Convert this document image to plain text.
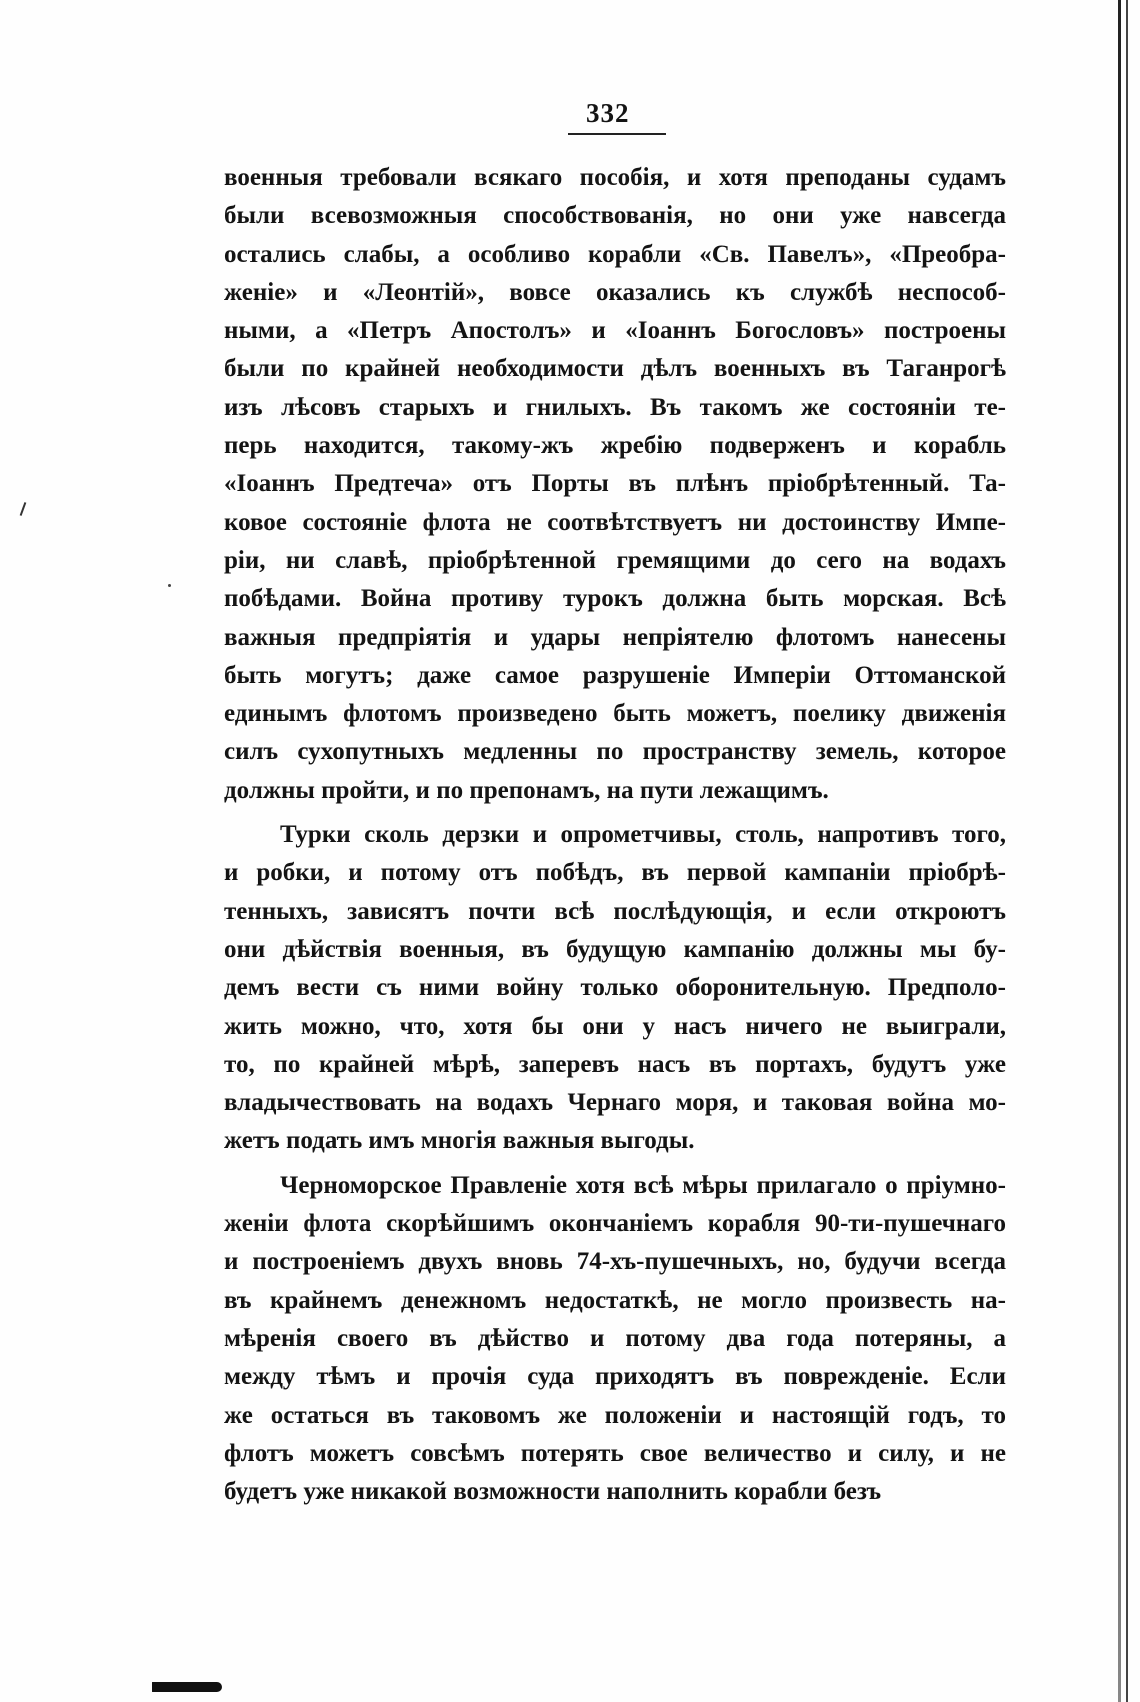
332
военныя требовали всякаго пособія, и хотя преподаны судамъ
были всевозможныя способствованія, но они уже навсегда
остались слабы, а особливо корабли «Св. Павелъ», «Преобра-
женіе» и «Леонтій», вовсе оказались къ службѣ неспособ-
ными, а «Петръ Апостолъ» и «Іоаннъ Богословъ» построены
были по крайней необходимости дѣлъ военныхъ въ Таганрогѣ
изъ лѣсовъ старыхъ и гнилыхъ. Въ такомъ же состояніи те-
перь находится, такому-жъ жребію подверженъ и корабль
«Іоаннъ Предтеча» отъ Порты въ плѣнъ пріобрѣтенный. Та-
ковое состояніе флота не соотвѣтствуетъ ни достоинству Импе-
ріи, ни славѣ, пріобрѣтенной гремящими до сего на водахъ
побѣдами. Война противу турокъ должна быть морская. Всѣ
важныя предпріятія и удары непріятелю флотомъ нанесены
быть могутъ; даже самое разрушеніе Имперіи Оттоманской
единымъ флотомъ произведено быть можетъ, поелику движенія
силъ сухопутныхъ медленны по пространству земель, которое
должны пройти, и по препонамъ, на пути лежащимъ.
Турки сколь дерзки и опрометчивы, столь, напротивъ того,
и робки, и потому отъ побѣдъ, въ первой кампаніи пріобрѣ-
тенныхъ, зависятъ почти всѣ послѣдующія, и если откроютъ
они дѣйствія военныя, въ будущую кампанію должны мы бу-
демъ вести съ ними войну только оборонительную. Предполо-
жить можно, что, хотя бы они у насъ ничего не выиграли,
то, по крайней мѣрѣ, заперевъ насъ въ портахъ, будутъ уже
владычествовать на водахъ Чернаго моря, и таковая война мо-
жетъ подать имъ многія важныя выгоды.
Черноморское Правленіе хотя всѣ мѣры прилагало о пріумно-
женіи флота скорѣйшимъ окончаніемъ корабля 90-ти-пушечнаго
и построеніемъ двухъ вновь 74-хъ-пушечныхъ, но, будучи всегда
въ крайнемъ денежномъ недостаткѣ, не могло произвесть на-
мѣренія своего въ дѣйство и потому два года потеряны, а
между тѣмъ и прочія суда приходятъ въ поврежденіе. Если
же остаться въ таковомъ же положеніи и настоящій годъ, то
флотъ можетъ совсѣмъ потерять свое величество и силу, и не
будетъ уже никакой возможности наполнить корабли безъ
